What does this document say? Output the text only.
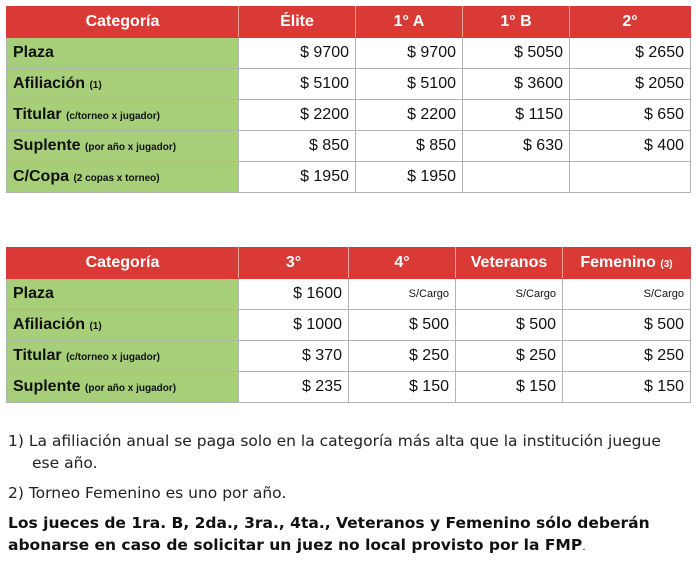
Categoría	Élite	1° A	1° B	2°
Plaza	$ 9700	$ 9700	$ 5050	$ 2650
Afiliación (1)	$ 5100	$ 5100	$ 3600	$ 2050
Titular (c/torneo x jugador)	$ 2200	$ 2200	$ 1150	$ 650
Suplente (por año x jugador)	$ 850	$ 850	$ 630	$ 400
C/Copa (2 copas x torneo)	$ 1950	$ 1950		
Categoría	3°	4°	Veteranos	Femenino (3)
Plaza	$ 1600	S/Cargo	S/Cargo	S/Cargo
Afiliación (1)	$ 1000	$ 500	$ 500	$ 500
Titular (c/torneo x jugador)	$ 370	$ 250	$ 250	$ 250
Suplente (por año x jugador)	$ 235	$ 150	$ 150	$ 150

1) La afiliación anual se paga solo en la categoría más alta que la institución juegue ese año.

2) Torneo Femenino es uno por año.

Los jueces de 1ra. B, 2da., 3ra., 4ta., Veteranos y Femenino sólo deberán abonarse en caso de solicitar un juez no local provisto por la FMP.
